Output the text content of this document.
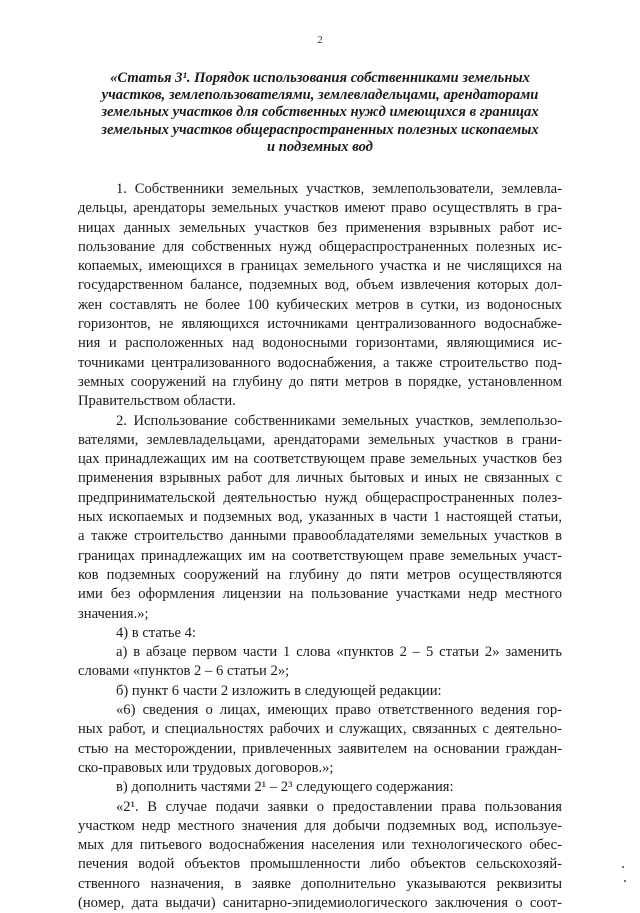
2
«Статья 3¹. Порядок использования собственниками земельных
участков, землепользователями, землевладельцами, арендаторами
земельных участков для собственных нужд имеющихся в границах
земельных участков общераспространенных полезных ископаемых
и подземных вод
1. Собственники земельных участков, землепользователи, землевла-
дельцы, арендаторы земельных участков имеют право осуществлять в гра-
ницах данных земельных участков без применения взрывных работ ис-
пользование для собственных нужд общераспространенных полезных ис-
копаемых, имеющихся в границах земельного участка и не числящихся на
государственном балансе, подземных вод, объем извлечения которых дол-
жен составлять не более 100 кубических метров в сутки, из водоносных
горизонтов, не являющихся источниками централизованного водоснабже-
ния и расположенных над водоносными горизонтами, являющимися ис-
точниками централизованного водоснабжения, а также строительство под-
земных сооружений на глубину до пяти метров в порядке, установленном
Правительством области.
2. Использование собственниками земельных участков, землепользо-
вателями, землевладельцами, арендаторами земельных участков в грани-
цах принадлежащих им на соответствующем праве земельных участков без
применения взрывных работ для личных бытовых и иных не связанных с
предпринимательской деятельностью нужд общераспространенных полез-
ных ископаемых и подземных вод, указанных в части 1 настоящей статьи,
а также строительство данными правообладателями земельных участков в
границах принадлежащих им на соответствующем праве земельных участ-
ков подземных сооружений на глубину до пяти метров осуществляются
ими без оформления лицензии на пользование участками недр местного
значения.»;
4) в статье 4:
а) в абзаце первом части 1 слова «пунктов 2 – 5 статьи 2» заменить
словами «пунктов 2 – 6 статьи 2»;
б) пункт 6 части 2 изложить в следующей редакции:
«6) сведения о лицах, имеющих право ответственного ведения гор-
ных работ, и специальностях рабочих и служащих, связанных с деятельно-
стью на месторождении, привлеченных заявителем на основании граждан-
ско-правовых или трудовых договоров.»;
в) дополнить частями 2¹ – 2³ следующего содержания:
«2¹. В случае подачи заявки о предоставлении права пользования
участком недр местного значения для добычи подземных вод, используе-
мых для питьевого водоснабжения населения или технологического обес-
печения водой объектов промышленности либо объектов сельскохозяй-
ственного назначения, в заявке дополнительно указываются реквизиты
(номер, дата выдачи) санитарно-эпидемиологического заключения о соот-
